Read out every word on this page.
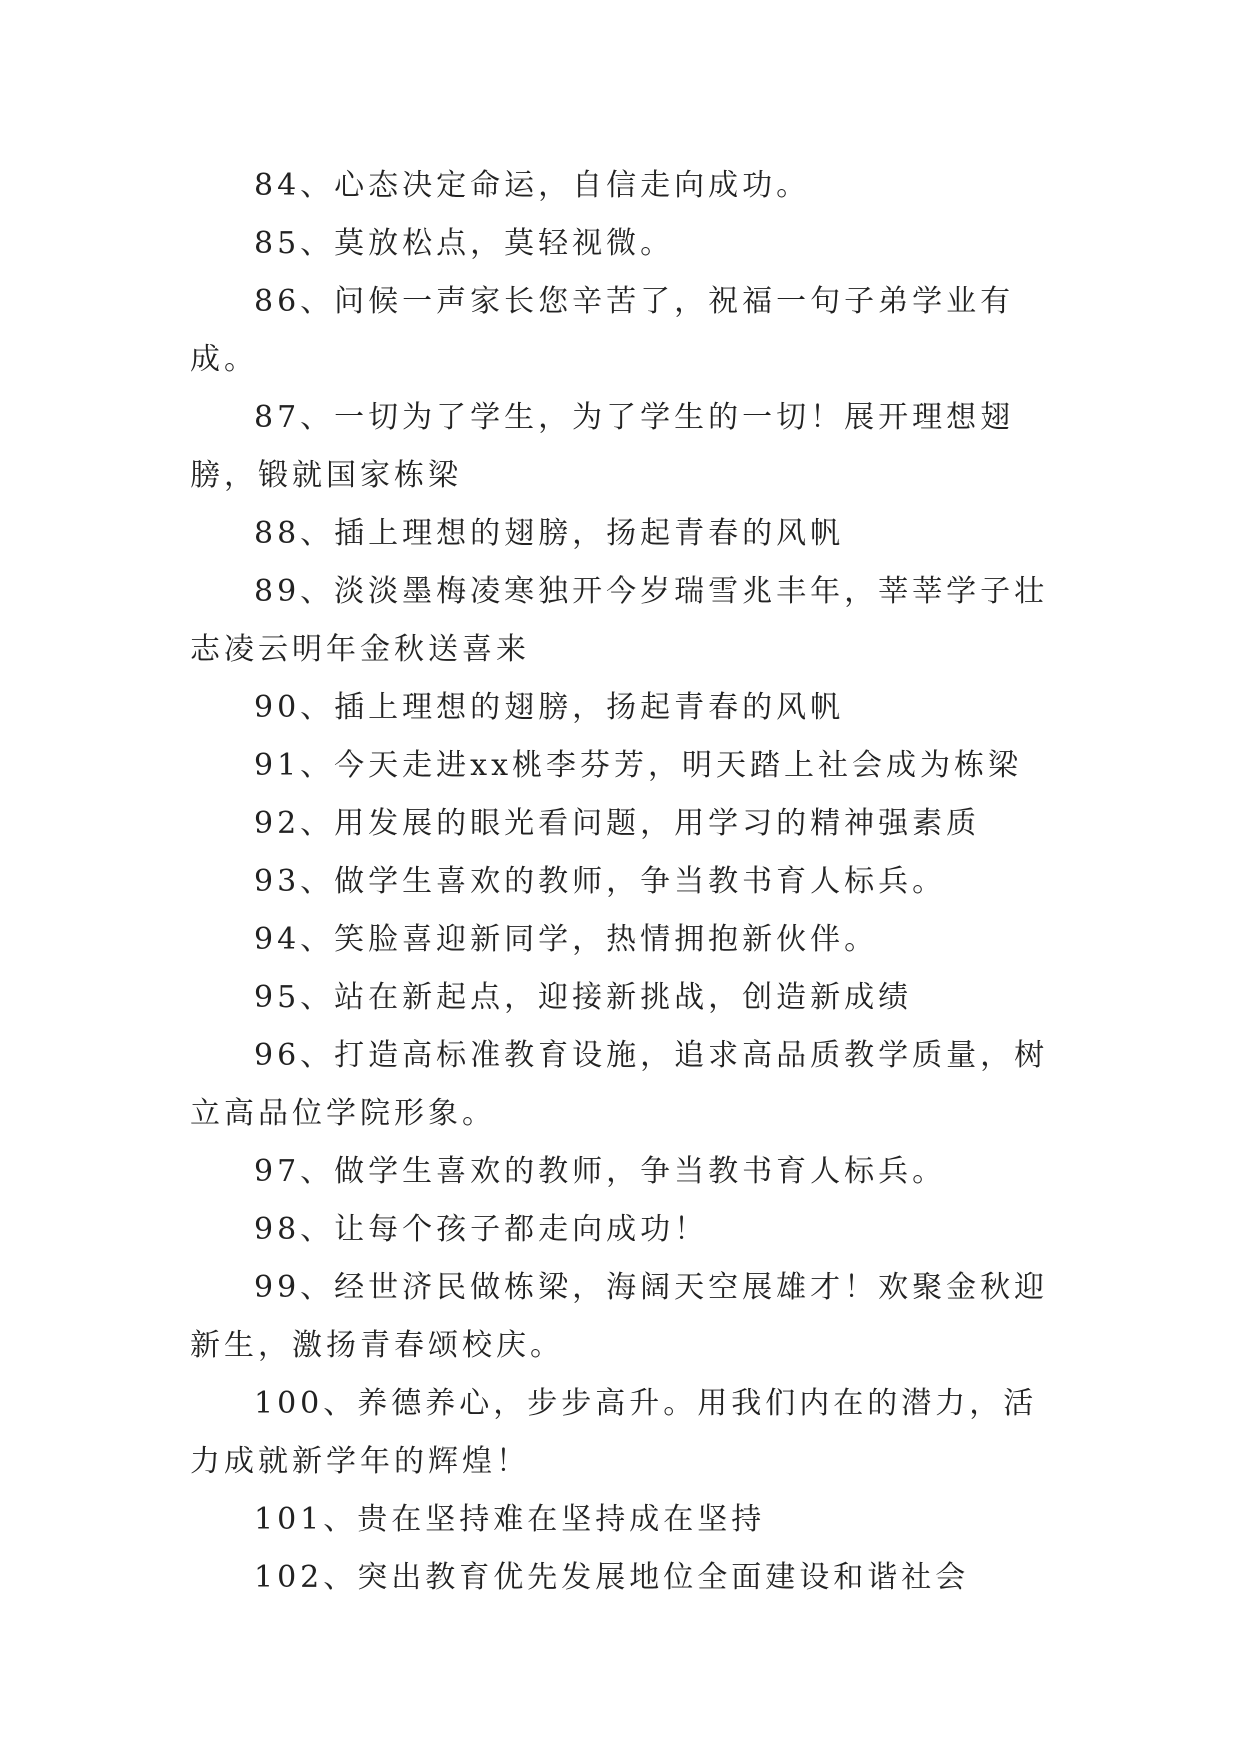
84、心态决定命运，自信走向成功。

85、莫放松点，莫轻视微。

86、问候一声家长您辛苦了，祝福一句子弟学业有成。

87、一切为了学生，为了学生的一切！展开理想翅膀，锻就国家栋梁

88、插上理想的翅膀，扬起青春的风帆

89、淡淡墨梅凌寒独开今岁瑞雪兆丰年，莘莘学子壮志凌云明年金秋送喜来

90、插上理想的翅膀，扬起青春的风帆

91、今天走进xx桃李芬芳，明天踏上社会成为栋梁

92、用发展的眼光看问题，用学习的精神强素质

93、做学生喜欢的教师，争当教书育人标兵。

94、笑脸喜迎新同学，热情拥抱新伙伴。

95、站在新起点，迎接新挑战，创造新成绩

96、打造高标准教育设施，追求高品质教学质量，树立高品位学院形象。

97、做学生喜欢的教师，争当教书育人标兵。

98、让每个孩子都走向成功！

99、经世济民做栋梁，海阔天空展雄才！欢聚金秋迎新生，激扬青春颂校庆。

100、养德养心，步步高升。用我们内在的潜力，活力成就新学年的辉煌！

101、贵在坚持难在坚持成在坚持

102、突出教育优先发展地位全面建设和谐社会
